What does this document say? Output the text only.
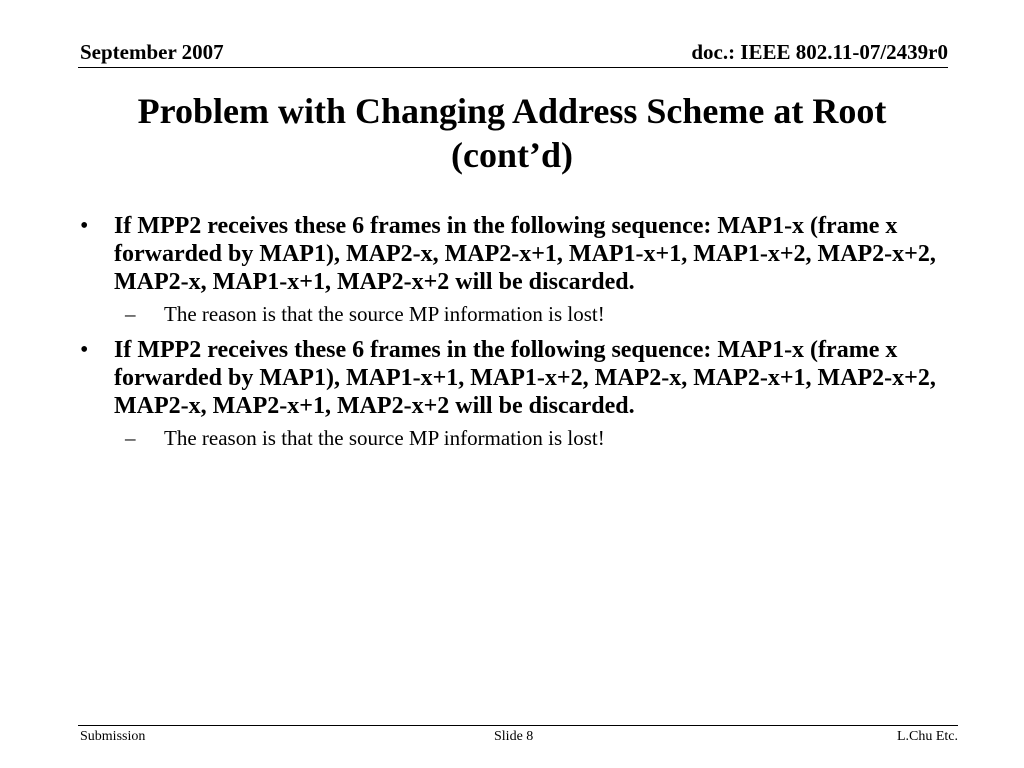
September 2007	doc.: IEEE 802.11-07/2439r0
Problem with Changing Address Scheme at Root (cont’d)
•	If MPP2 receives these 6 frames in the following sequence: MAP1-x (frame x forwarded by MAP1), MAP2-x, MAP2-x+1, MAP1-x+1, MAP1-x+2, MAP2-x+2, MAP2-x, MAP1-x+1, MAP2-x+2 will be discarded.
– The reason is that the source MP information is lost!
•	If MPP2 receives these 6 frames in the following sequence: MAP1-x (frame x forwarded by MAP1), MAP1-x+1, MAP1-x+2, MAP2-x, MAP2-x+1, MAP2-x+2, MAP2-x, MAP2-x+1, MAP2-x+2 will be discarded.
– The reason is that the source MP information is lost!
Submission	Slide 8	L.Chu Etc.
